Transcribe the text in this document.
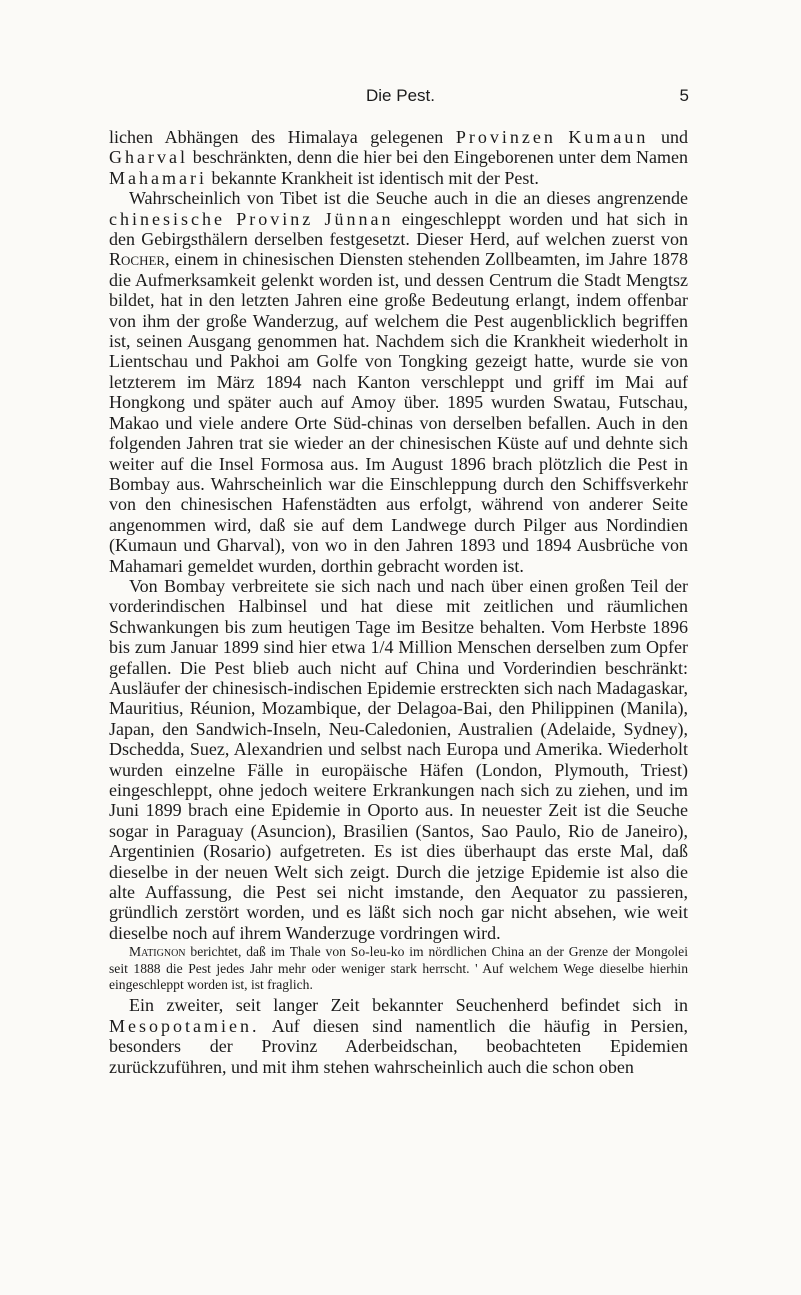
Die Pest.	5

lichen Abhängen des Himalaya gelegenen Provinzen Kumaun und Gharval beschränkten, denn die hier bei den Eingeborenen unter dem Namen Mahamari bekannte Krankheit ist identisch mit der Pest.

Wahrscheinlich von Tibet ist die Seuche auch in die an dieses angrenzende chinesische Provinz Jünnan eingeschleppt worden und hat sich in den Gebirgsthälern derselben festgesetzt. Dieser Herd, auf welchen zuerst von Rocher, einem in chinesischen Diensten stehenden Zollbeamten, im Jahre 1878 die Aufmerksamkeit gelenkt worden ist, und dessen Centrum die Stadt Mengtsz bildet, hat in den letzten Jahren eine große Bedeutung erlangt, indem offenbar von ihm der große Wanderzug, auf welchem die Pest augenblicklich begriffen ist, seinen Ausgang genommen hat. Nachdem sich die Krankheit wiederholt in Lientschau und Pakhoi am Golfe von Tongking gezeigt hatte, wurde sie von letzterem im März 1894 nach Kanton verschleppt und griff im Mai auf Hongkong und später auch auf Amoy über. 1895 wurden Swatau, Futschau, Makao und viele andere Orte Süd-chinas von derselben befallen. Auch in den folgenden Jahren trat sie wieder an der chinesischen Küste auf und dehnte sich weiter auf die Insel Formosa aus. Im August 1896 brach plötzlich die Pest in Bombay aus. Wahrscheinlich war die Einschleppung durch den Schiffsverkehr von den chinesischen Hafenstädten aus erfolgt, während von anderer Seite angenommen wird, daß sie auf dem Landwege durch Pilger aus Nordindien (Kumaun und Gharval), von wo in den Jahren 1893 und 1894 Ausbrüche von Mahamari gemeldet wurden, dorthin gebracht worden ist.

Von Bombay verbreitete sie sich nach und nach über einen großen Teil der vorderindischen Halbinsel und hat diese mit zeitlichen und räumlichen Schwankungen bis zum heutigen Tage im Besitze behalten. Vom Herbste 1896 bis zum Januar 1899 sind hier etwa 1/4 Million Menschen derselben zum Opfer gefallen. Die Pest blieb auch nicht auf China und Vorderindien beschränkt: Ausläufer der chinesisch-indischen Epidemie erstreckten sich nach Madagaskar, Mauritius, Réunion, Mozambique, der Delagoa-Bai, den Philippinen (Manila), Japan, den Sandwich-Inseln, Neu-Caledonien, Australien (Adelaide, Sydney), Dschedda, Suez, Alexandrien und selbst nach Europa und Amerika. Wiederholt wurden einzelne Fälle in europäische Häfen (London, Plymouth, Triest) eingeschleppt, ohne jedoch weitere Erkrankungen nach sich zu ziehen, und im Juni 1899 brach eine Epidemie in Oporto aus. In neuester Zeit ist die Seuche sogar in Paraguay (Asuncion), Brasilien (Santos, Sao Paulo, Rio de Janeiro), Argentinien (Rosario) aufgetreten. Es ist dies überhaupt das erste Mal, daß dieselbe in der neuen Welt sich zeigt. Durch die jetzige Epidemie ist also die alte Auffassung, die Pest sei nicht imstande, den Aequator zu passieren, gründlich zerstört worden, und es läßt sich noch gar nicht absehen, wie weit dieselbe noch auf ihrem Wanderzuge vordringen wird.

Matignon berichtet, daß im Thale von So-leu-ko im nördlichen China an der Grenze der Mongolei seit 1888 die Pest jedes Jahr mehr oder weniger stark herrscht. ' Auf welchem Wege dieselbe hierhin eingeschleppt worden ist, ist fraglich.

Ein zweiter, seit langer Zeit bekannter Seuchenherd befindet sich in Mesopotamien. Auf diesen sind namentlich die häufig in Persien, besonders der Provinz Aderbeidschan, beobachteten Epidemien zurückzuführen, und mit ihm stehen wahrscheinlich auch die schon oben
